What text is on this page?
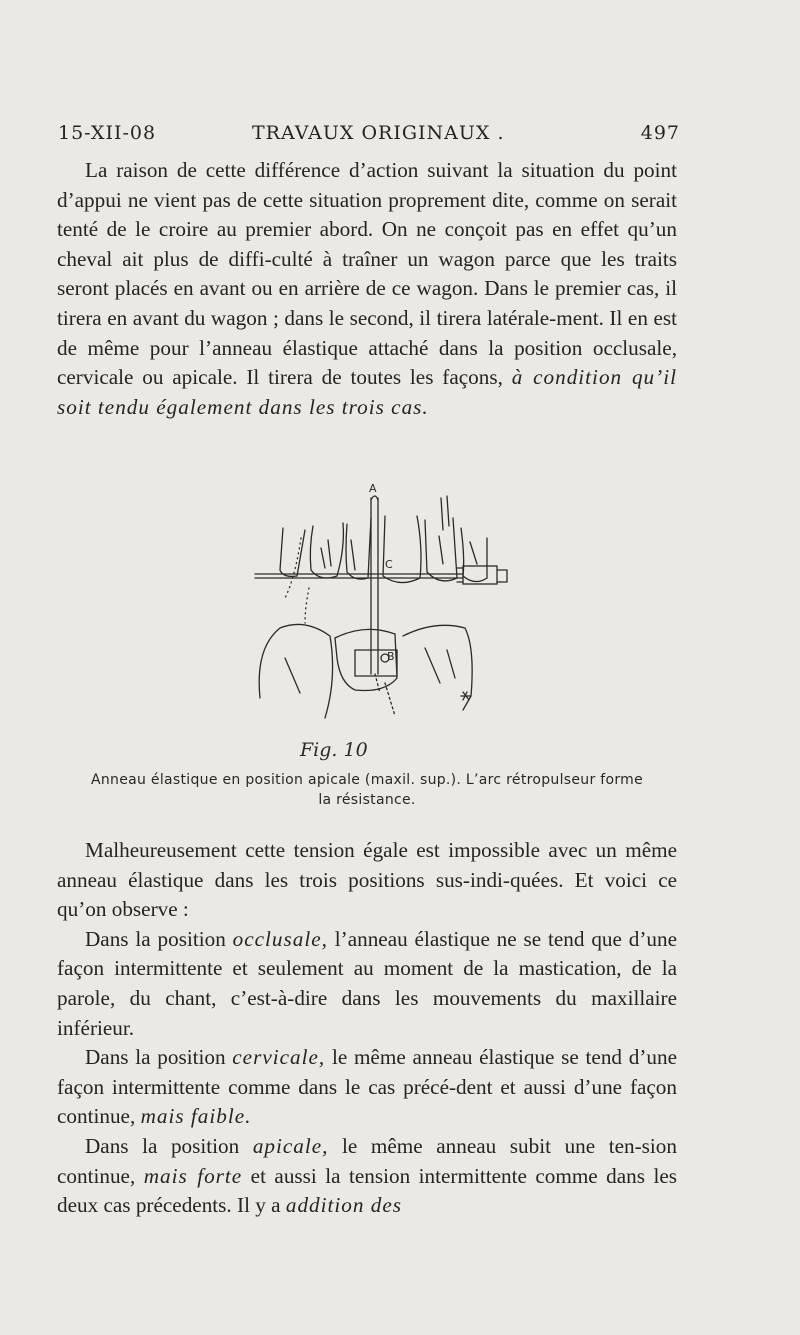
15-XII-08	TRAVAUX ORIGINAUX .	497

La raison de cette différence d’action suivant la situation du point d’appui ne vient pas de cette situation proprement dite, comme on serait tenté de le croire au premier abord. On ne conçoit pas en effet qu’un cheval ait plus de diffi-culté à traîner un wagon parce que les traits seront placés en avant ou en arrière de ce wagon. Dans le premier cas, il tirera en avant du wagon ; dans le second, il tirera latérale-ment. Il en est de même pour l’anneau élastique attaché dans la position occlusale, cervicale ou apicale. Il tirera de toutes les façons, à condition qu’il soit tendu également dans les trois cas.

A
C
B
Fig. 10
Anneau élastique en position apicale (maxil. sup.). L’arc rétropulseur forme
la résistance.

Malheureusement cette tension égale est impossible avec un même anneau élastique dans les trois positions sus-indi-quées. Et voici ce qu’on observe :

Dans la position occlusale, l’anneau élastique ne se tend que d’une façon intermittente et seulement au moment de la mastication, de la parole, du chant, c’est-à-dire dans les mouvements du maxillaire inférieur.

Dans la position cervicale, le même anneau élastique se tend d’une façon intermittente comme dans le cas précé-dent et aussi d’une façon continue, mais faible.

Dans la position apicale, le même anneau subit une ten-sion continue, mais forte et aussi la tension intermittente comme dans les deux cas précedents. Il y a addition des
